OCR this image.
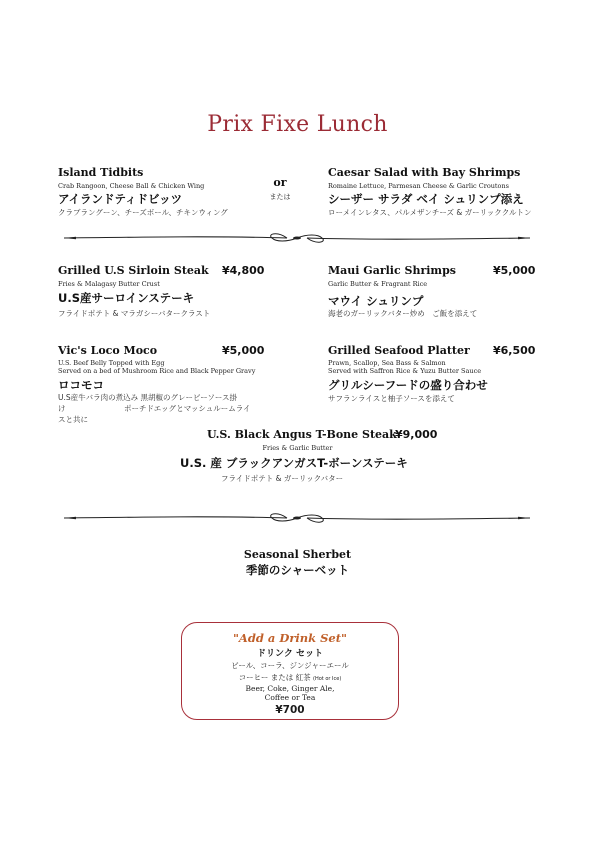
Prix Fixe Lunch
Island Tidbits
Crab Rangoon, Cheese Ball & Chicken Wing
アイランドティドビッツ
クラブラングーン、チーズボール、チキンウィング
or
または
Caesar Salad with Bay Shrimps
Romaine Lettuce, Parmesan Cheese & Garlic Croutons
シーザー サラダ ベイ シュリンプ添え
ローメインレタス、パルメザンチーズ & ガーリッククルトン
Grilled U.S Sirloin Steak ¥4,800
Fries & Malagasy Butter Crust
U.S産サーロインステーキ
フライドポテト & マラガシーバタークラスト
Maui Garlic Shrimps	¥5,000
Garlic Butter & Fragrant Rice
マウイ シュリンプ
海老のガーリックバター炒め　ご飯を添えて
Vic's Loco Moco	¥5,000
U.S. Beef Belly Topped with Egg
Served on a bed of Mushroom Rice and Black Pepper Gravy
ロコモコ
U.S産牛バラ肉の煮込み 黒胡椒のグレービーソース掛
け	ポーチドエッグとマッシュルームライ
スと共に
Grilled Seafood Platter ¥6,500
Prawn, Scallop, Sea Bass & Salmon
Served with Saffron Rice & Yuzu Butter Sauce
グリルシーフードの盛り合わせ
サフランライスと柚子ソースを添えて
U.S. Black Angus T-Bone Steak
¥9,000
Fries & Garlic Butter
U.S. 産 ブラックアンガスT-ボーンステーキ
フライドポテト & ガーリックバター
Seasonal Sherbet
季節のシャーベット
"Add a Drink Set"
ドリンク セット
ビール、コーラ、ジンジャーエール
コーヒー または 紅茶 (Hot or Ice)
Beer, Coke, Ginger Ale,
Coffee or Tea
¥700
